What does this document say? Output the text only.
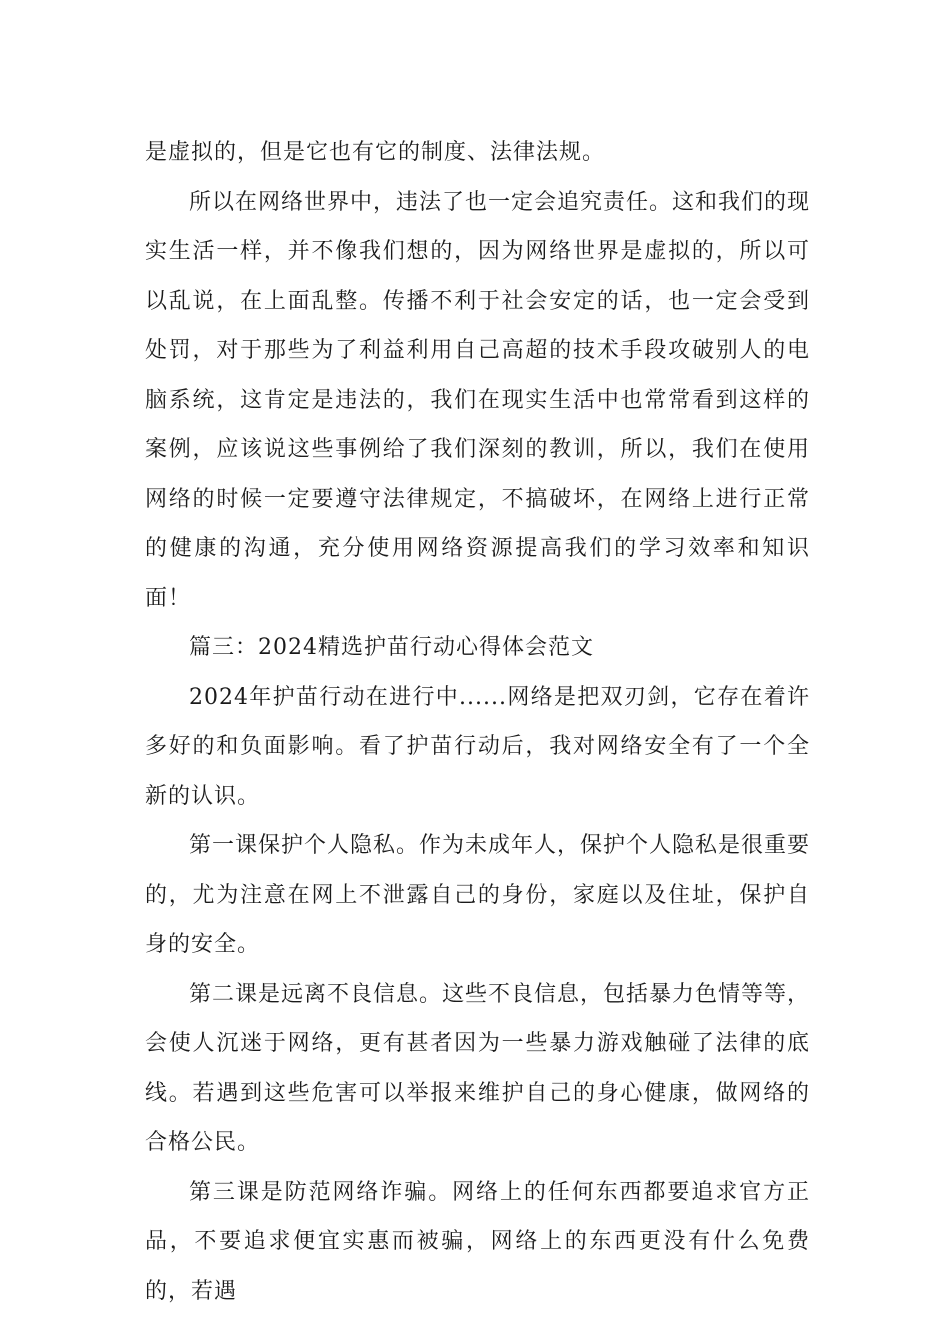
是虚拟的，但是它也有它的制度、法律法规。

所以在网络世界中，违法了也一定会追究责任。这和我们的现实生活一样，并不像我们想的，因为网络世界是虚拟的，所以可以乱说，在上面乱整。传播不利于社会安定的话，也一定会受到处罚，对于那些为了利益利用自己高超的技术手段攻破别人的电脑系统，这肯定是违法的，我们在现实生活中也常常看到这样的案例，应该说这些事例给了我们深刻的教训，所以，我们在使用网络的时候一定要遵守法律规定，不搞破坏，在网络上进行正常的健康的沟通，充分使用网络资源提高我们的学习效率和知识面！

篇三：2024精选护苗行动心得体会范文

2024年护苗行动在进行中......网络是把双刃剑，它存在着许多好的和负面影响。看了护苗行动后，我对网络安全有了一个全新的认识。

第一课保护个人隐私。作为未成年人，保护个人隐私是很重要的，尤为注意在网上不泄露自己的身份，家庭以及住址，保护自身的安全。

第二课是远离不良信息。这些不良信息，包括暴力色情等等，会使人沉迷于网络，更有甚者因为一些暴力游戏触碰了法律的底线。若遇到这些危害可以举报来维护自己的身心健康，做网络的合格公民。

第三课是防范网络诈骗。网络上的任何东西都要追求官方正品，不要追求便宜实惠而被骗，网络上的东西更没有什么免费的，若遇
